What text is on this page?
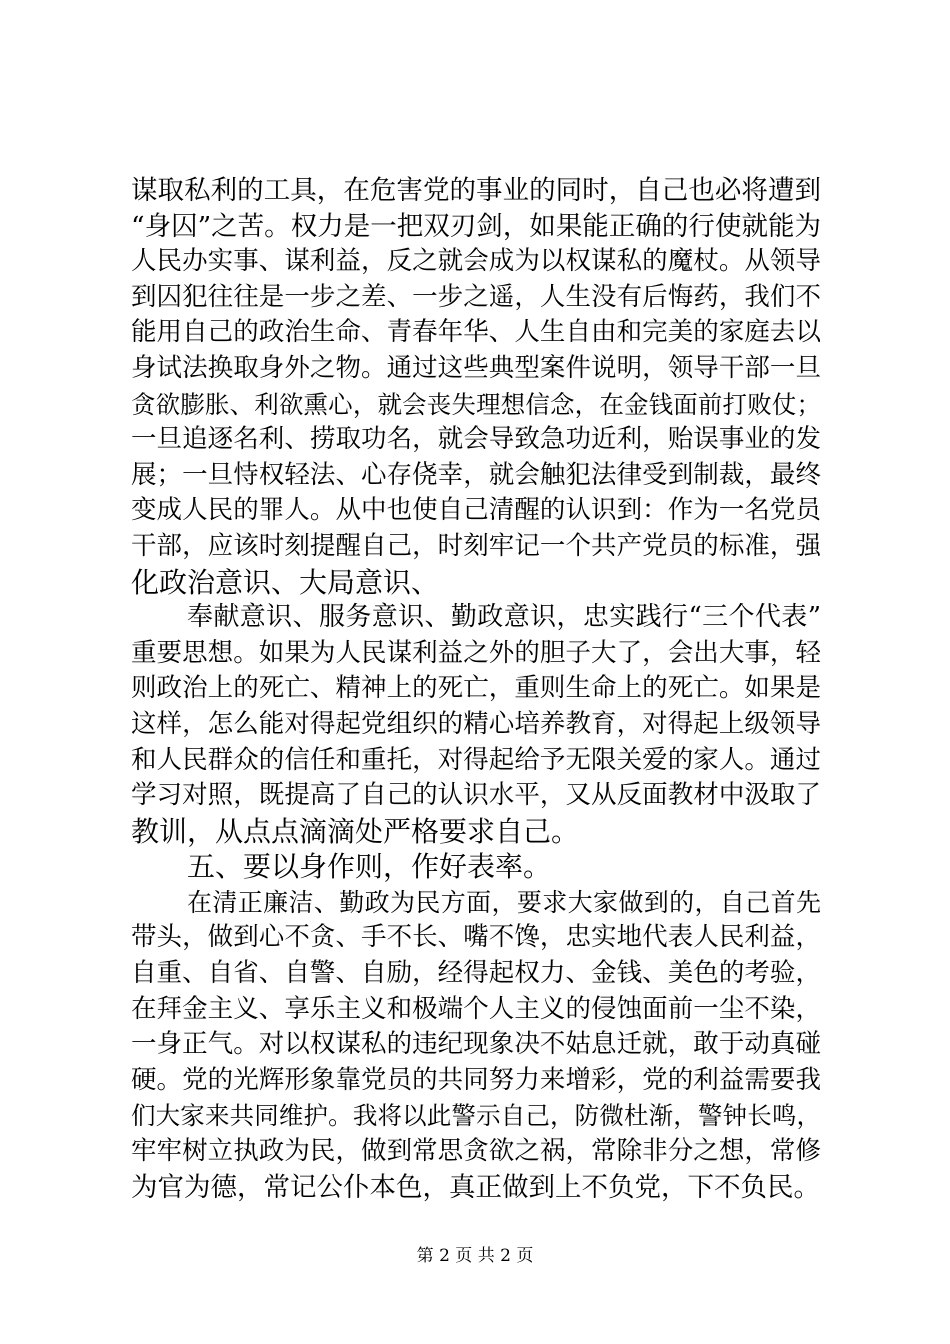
谋取私利的工具，在危害党的事业的同时，自己也必将遭到
“身囚”之苦。权力是一把双刃剑，如果能正确的行使就能为
人民办实事、谋利益，反之就会成为以权谋私的魔杖。从领导
到囚犯往往是一步之差、一步之遥，人生没有后悔药，我们不
能用自己的政治生命、青春年华、人生自由和完美的家庭去以
身试法换取身外之物。通过这些典型案件说明，领导干部一旦
贪欲膨胀、利欲熏心，就会丧失理想信念，在金钱面前打败仗；
一旦追逐名利、捞取功名，就会导致急功近利，贻误事业的发
展；一旦恃权轻法、心存侥幸，就会触犯法律受到制裁，最终
变成人民的罪人。从中也使自己清醒的认识到：作为一名党员
干部，应该时刻提醒自己，时刻牢记一个共产党员的标准，强
化政治意识、大局意识、
奉献意识、服务意识、勤政意识，忠实践行“三个代表”
重要思想。如果为人民谋利益之外的胆子大了，会出大事，轻
则政治上的死亡、精神上的死亡，重则生命上的死亡。如果是
这样，怎么能对得起党组织的精心培养教育，对得起上级领导
和人民群众的信任和重托，对得起给予无限关爱的家人。通过
学习对照，既提高了自己的认识水平，又从反面教材中汲取了
教训，从点点滴滴处严格要求自己。
五、要以身作则，作好表率。
在清正廉洁、勤政为民方面，要求大家做到的，自己首先
带头，做到心不贪、手不长、嘴不馋，忠实地代表人民利益，
自重、自省、自警、自励，经得起权力、金钱、美色的考验，
在拜金主义、享乐主义和极端个人主义的侵蚀面前一尘不染，
一身正气。对以权谋私的违纪现象决不姑息迁就，敢于动真碰
硬。党的光辉形象靠党员的共同努力来增彩，党的利益需要我
们大家来共同维护。我将以此警示自己，防微杜渐，警钟长鸣，
牢牢树立执政为民，做到常思贪欲之祸，常除非分之想，常修
为官为德，常记公仆本色，真正做到上不负党，下不负民。
第 2 页 共 2 页
